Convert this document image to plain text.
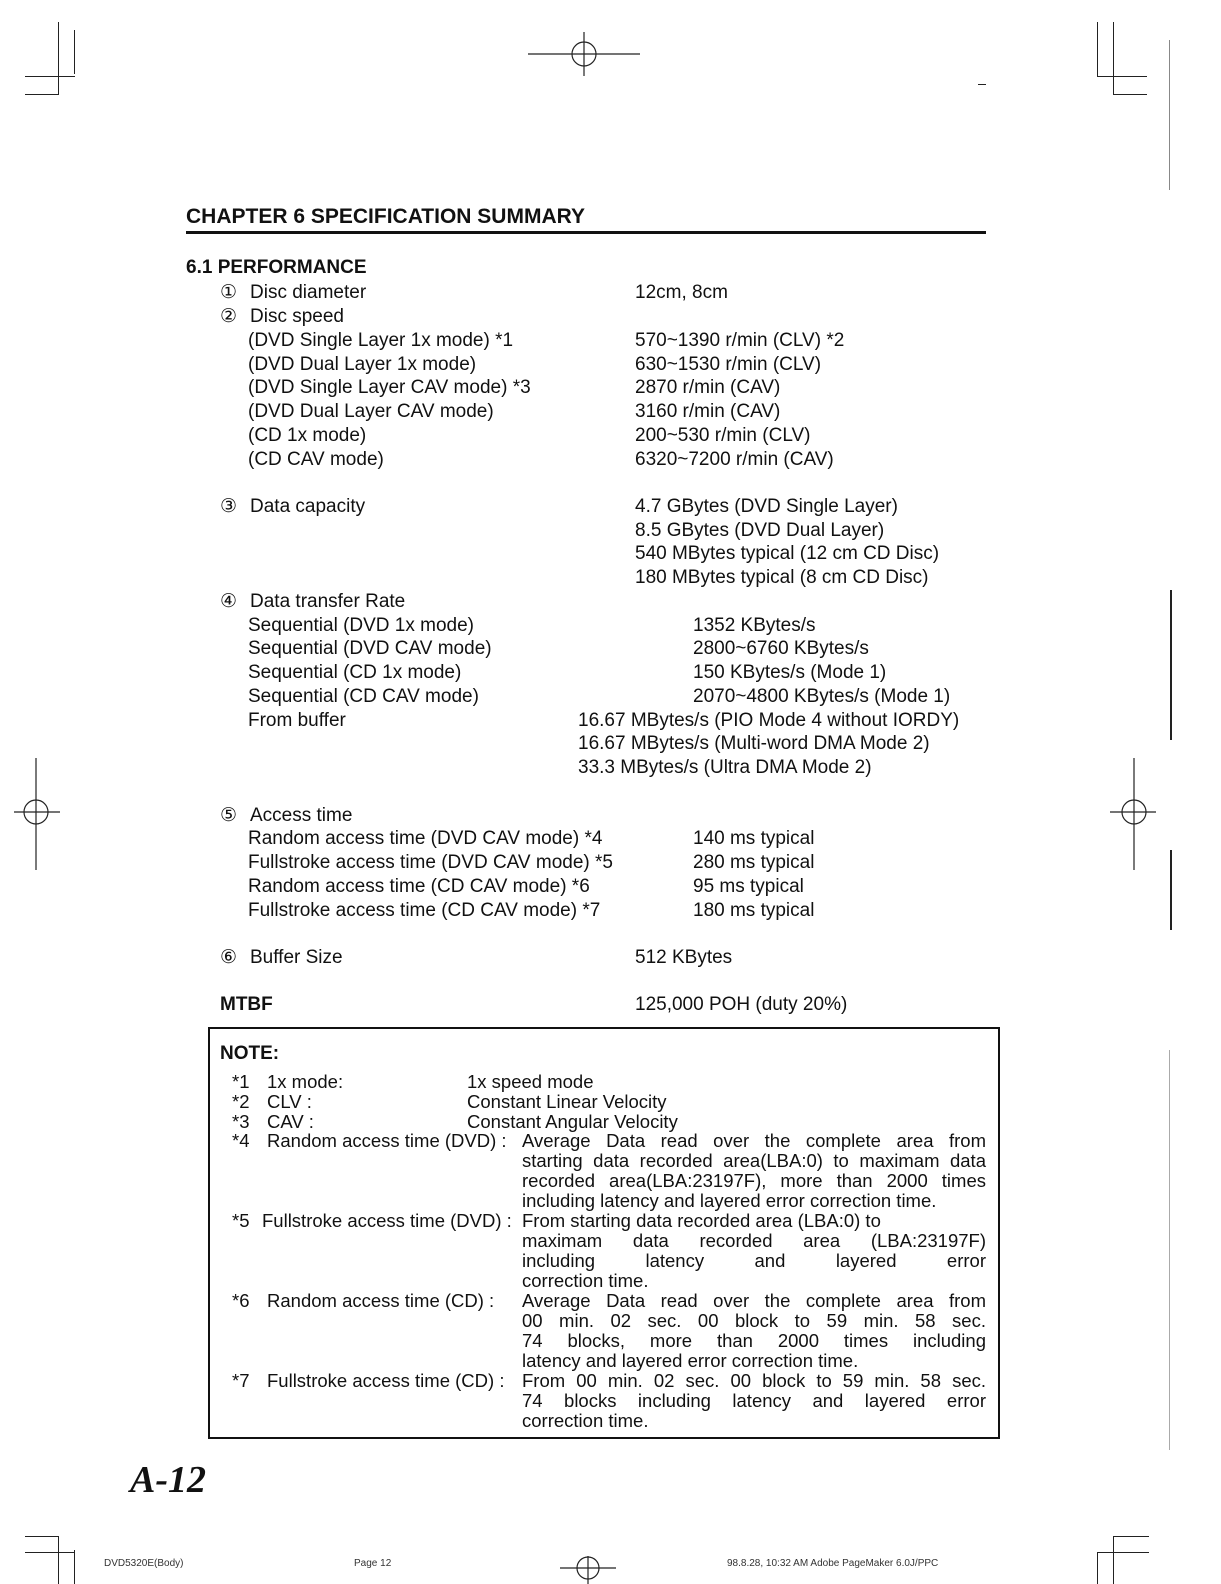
CHAPTER 6 SPECIFICATION SUMMARY
6.1 PERFORMANCE
① Disc diameter	12cm, 8cm
② Disc speed
(DVD Single Layer 1x mode) *1	570~1390 r/min (CLV) *2
(DVD Dual Layer 1x mode)	630~1530 r/min (CLV)
(DVD Single Layer CAV mode) *3	2870 r/min (CAV)
(DVD Dual Layer CAV mode)	3160 r/min (CAV)
(CD 1x mode)	200~530 r/min (CLV)
(CD CAV mode)	6320~7200 r/min (CAV)
③ Data capacity	4.7 GBytes (DVD Single Layer)
8.5 GBytes (DVD Dual Layer)
540 MBytes typical (12 cm CD Disc)
180 MBytes typical (8 cm CD Disc)
④ Data transfer Rate
Sequential (DVD 1x mode)	1352 KBytes/s
Sequential (DVD CAV mode)	2800~6760 KBytes/s
Sequential (CD 1x mode)	150 KBytes/s (Mode 1)
Sequential (CD CAV mode)	2070~4800 KBytes/s (Mode 1)
From buffer	16.67 MBytes/s (PIO Mode 4 without IORDY)
16.67 MBytes/s (Multi-word DMA Mode 2)
33.3 MBytes/s (Ultra DMA Mode 2)
⑤ Access time
Random access time (DVD CAV mode) *4	140 ms typical
Fullstroke access time (DVD CAV mode) *5	280 ms typical
Random access time (CD CAV mode) *6	95 ms typical
Fullstroke access time (CD CAV mode) *7	180 ms typical
⑥ Buffer Size	512 KBytes
MTBF	125,000 POH (duty 20%)
NOTE:
*1 1x mode:	1x speed mode
*2 CLV :	Constant Linear Velocity
*3 CAV :	Constant Angular Velocity
*4 Random access time (DVD) : Average Data read over the complete area from
starting data recorded area(LBA:0) to maximam data
recorded area(LBA:23197F), more than 2000 times
including latency and layered error correction time.
*5 Fullstroke access time (DVD) : From starting data recorded area (LBA:0) to
maximam data recorded area (LBA:23197F)
including latency and layered error
correction time.
*6 Random access time (CD) : Average Data read over the complete area from
00 min. 02 sec. 00 block to 59 min. 58 sec.
74 blocks, more than 2000 times including
latency and layered error correction time.
*7 Fullstroke access time (CD) : From 00 min. 02 sec. 00 block to 59 min. 58 sec.
74 blocks including latency and layered error
correction time.
A-12
DVD5320E(Body)	Page 12	98.8.28, 10:32 AM Adobe PageMaker 6.0J/PPC
